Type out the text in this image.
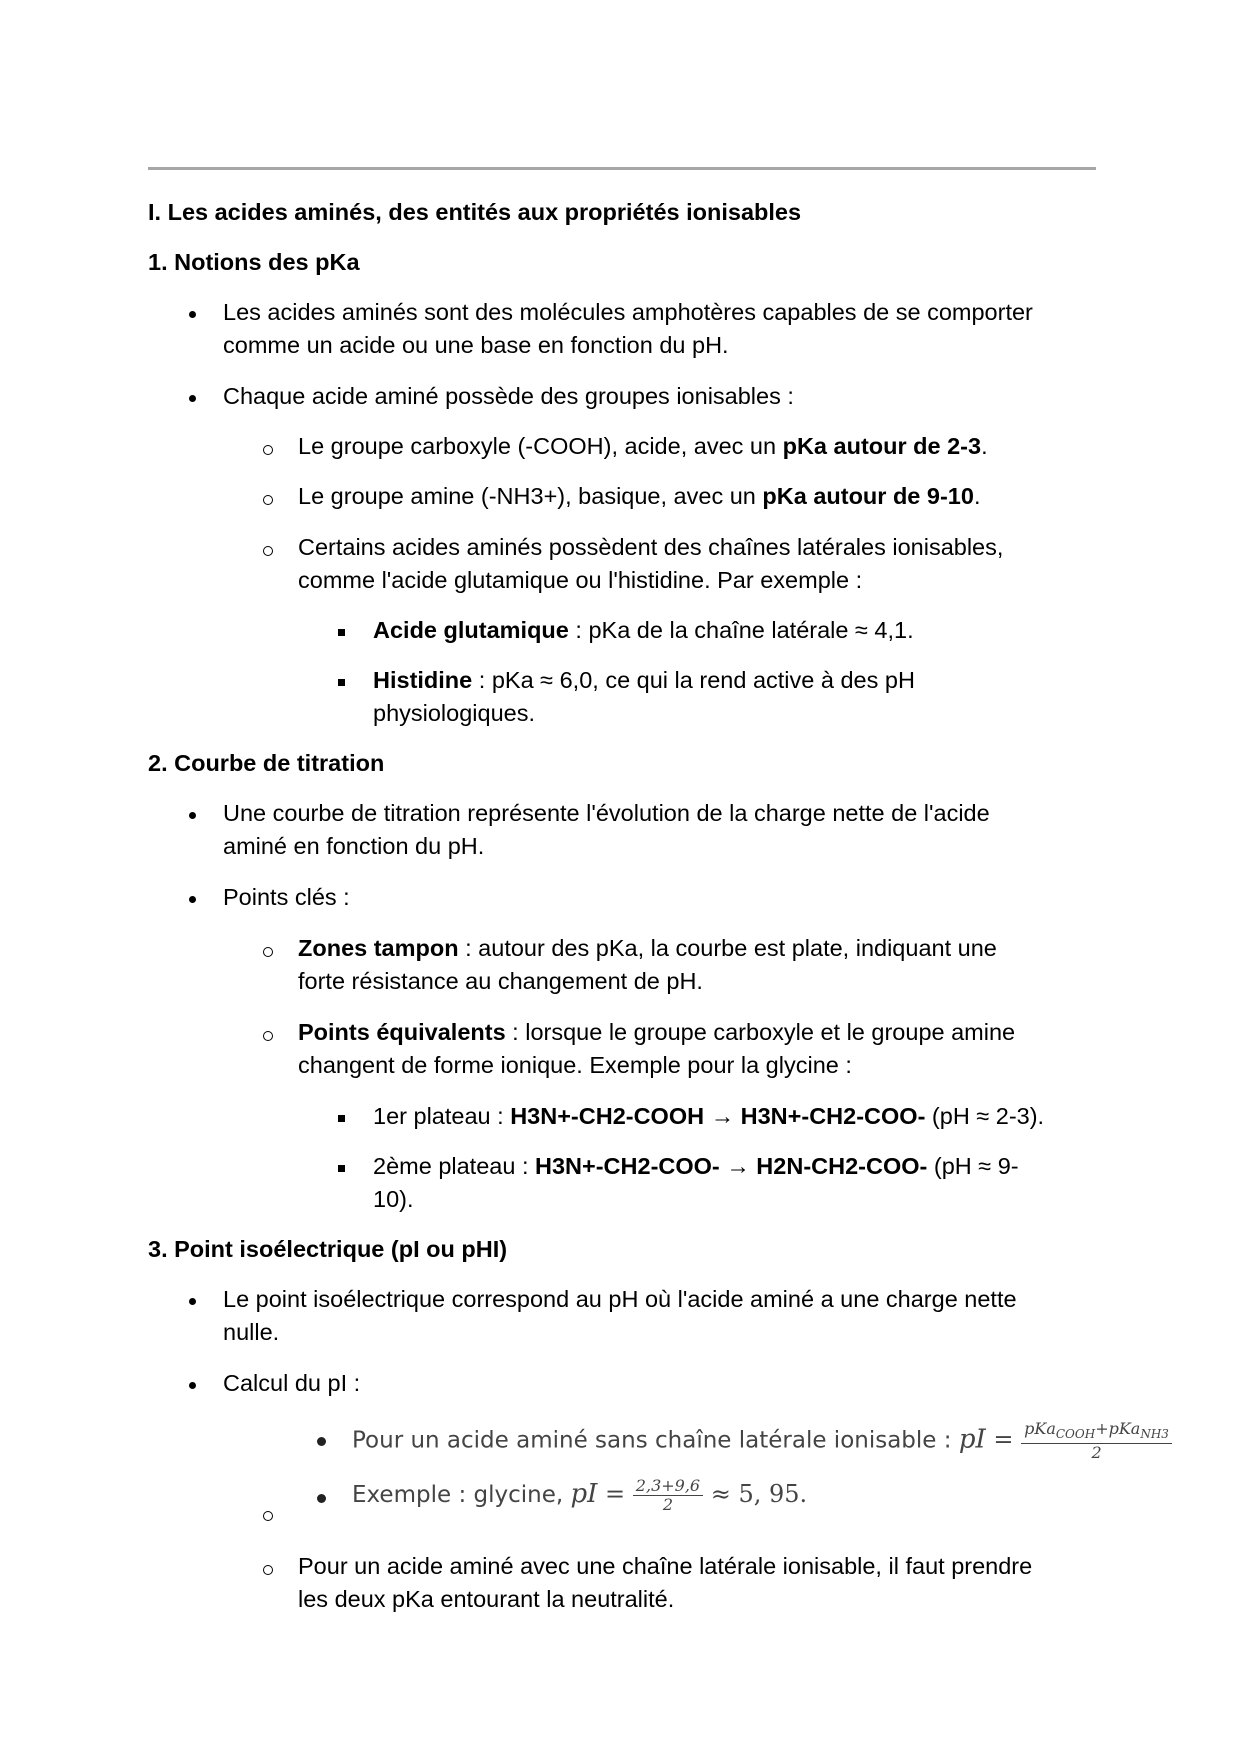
I. Les acides aminés, des entités aux propriétés ionisables
1. Notions des pKa
Les acides aminés sont des molécules amphotères capables de se comporter
comme un acide ou une base en fonction du pH.
Chaque acide aminé possède des groupes ionisables :
Le groupe carboxyle (-COOH), acide, avec un pKa autour de 2-3.
Le groupe amine (-NH3+), basique, avec un pKa autour de 9-10.
Certains acides aminés possèdent des chaînes latérales ionisables,
comme l'acide glutamique ou l'histidine. Par exemple :
Acide glutamique : pKa de la chaîne latérale ≈ 4,1.
Histidine : pKa ≈ 6,0, ce qui la rend active à des pH
physiologiques.
2. Courbe de titration
Une courbe de titration représente l'évolution de la charge nette de l'acide
aminé en fonction du pH.
Points clés :
Zones tampon : autour des pKa, la courbe est plate, indiquant une
forte résistance au changement de pH.
Points équivalents : lorsque le groupe carboxyle et le groupe amine
changent de forme ionique. Exemple pour la glycine :
1er plateau : H3N+-CH2-COOH → H3N+-CH2-COO- (pH ≈ 2-3).
2ème plateau : H3N+-CH2-COO- → H2N-CH2-COO- (pH ≈ 9-
10).
3. Point isoélectrique (pI ou pHI)
Le point isoélectrique correspond au pH où l'acide aminé a une charge nette
nulle.
Calcul du pI :
Pour un acide aminé sans chaîne latérale ionisable : pI = $\frac{pKa_{COOH}+pKa_{NH3}}{2}$
Exemple : glycine, pI = $\frac{2,3+9,6}{2} \approx 5$, 95.
Pour un acide aminé avec une chaîne latérale ionisable, il faut prendre
les deux pKa entourant la neutralité.
